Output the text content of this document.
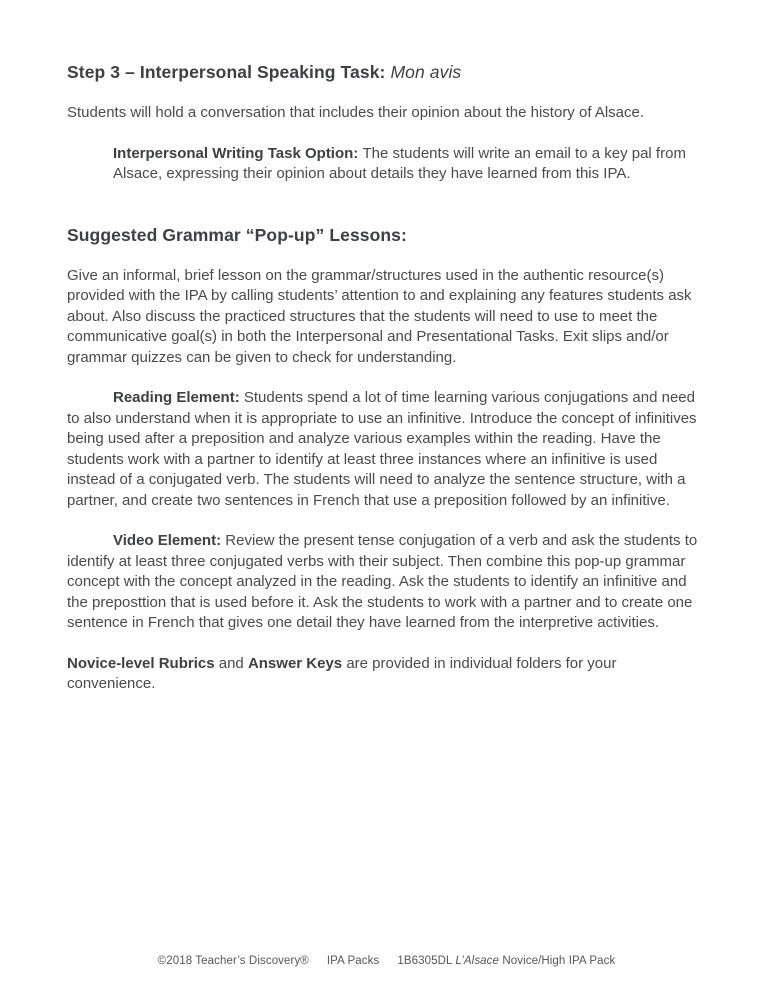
Step 3 – Interpersonal Speaking Task: Mon avis

Students will hold a conversation that includes their opinion about the history of Alsace.

Interpersonal Writing Task Option: The students will write an email to a key pal from Alsace, expressing their opinion about details they have learned from this IPA.

Suggested Grammar “Pop-up” Lessons:

Give an informal, brief lesson on the grammar/structures used in the authentic resource(s) provided with the IPA by calling students’ attention to and explaining any features students ask about. Also discuss the practiced structures that the students will need to use to meet the communicative goal(s) in both the Interpersonal and Presentational Tasks. Exit slips and/or grammar quizzes can be given to check for understanding.

Reading Element: Students spend a lot of time learning various conjugations and need to also understand when it is appropriate to use an infinitive. Introduce the concept of infinitives being used after a preposition and analyze various examples within the reading. Have the students work with a partner to identify at least three instances where an infinitive is used instead of a conjugated verb. The students will need to analyze the sentence structure, with a partner, and create two sentences in French that use a preposition followed by an infinitive.

Video Element: Review the present tense conjugation of a verb and ask the students to identify at least three conjugated verbs with their subject. Then combine this pop-up grammar concept with the concept analyzed in the reading. Ask the students to identify an infinitive and the preposttion that is used before it. Ask the students to work with a partner and to create one sentence in French that gives one detail they have learned from the interpretive activities.

Novice-level Rubrics and Answer Keys are provided in individual folders for your convenience.

©2018 Teacher’s Discovery® IPA Packs 1B6305DL L’Alsace Novice/High IPA Pack
